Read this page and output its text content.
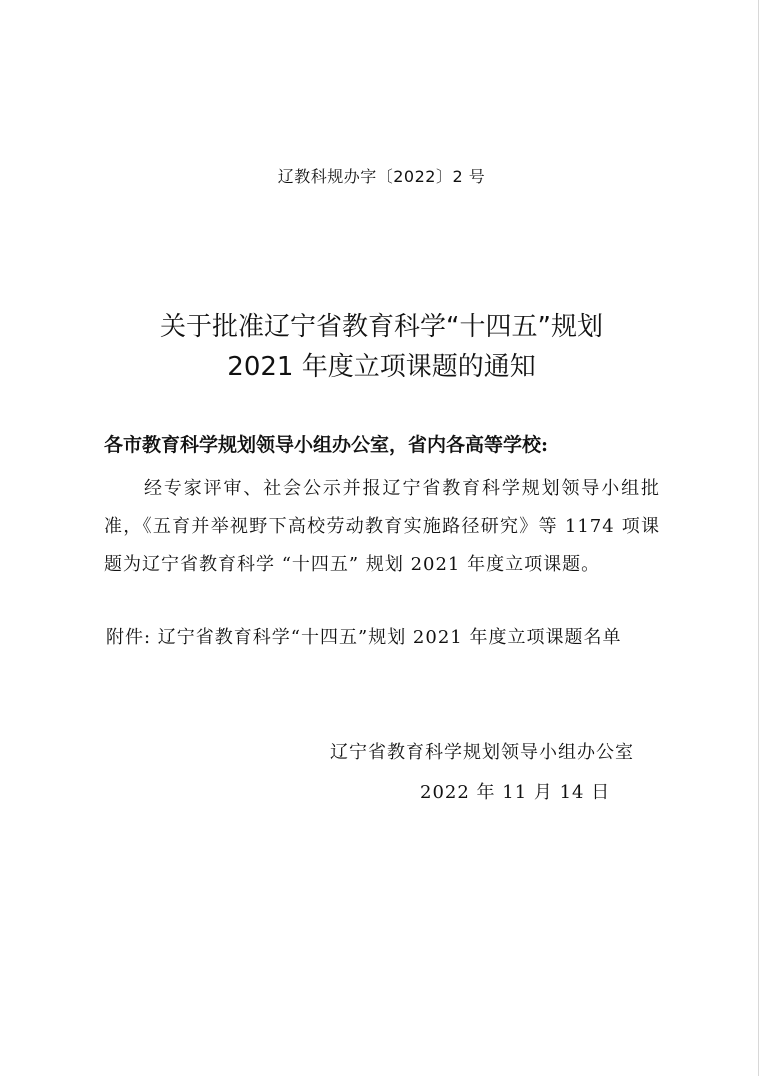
辽教科规办字〔2022〕2 号
关于批准辽宁省教育科学“十四五”规划
2021 年度立项课题的通知
各市教育科学规划领导小组办公室，省内各高等学校:

经专家评审、社会公示并报辽宁省教育科学规划领导小组批准，《五育并举视野下高校劳动教育实施路径研究》等 1174 项课题为辽宁省教育科学 “十四五” 规划 2021 年度立项课题。

附件: 辽宁省教育科学“十四五”规划 2021 年度立项课题名单
辽宁省教育科学规划领导小组办公室
2022 年 11 月 14 日
